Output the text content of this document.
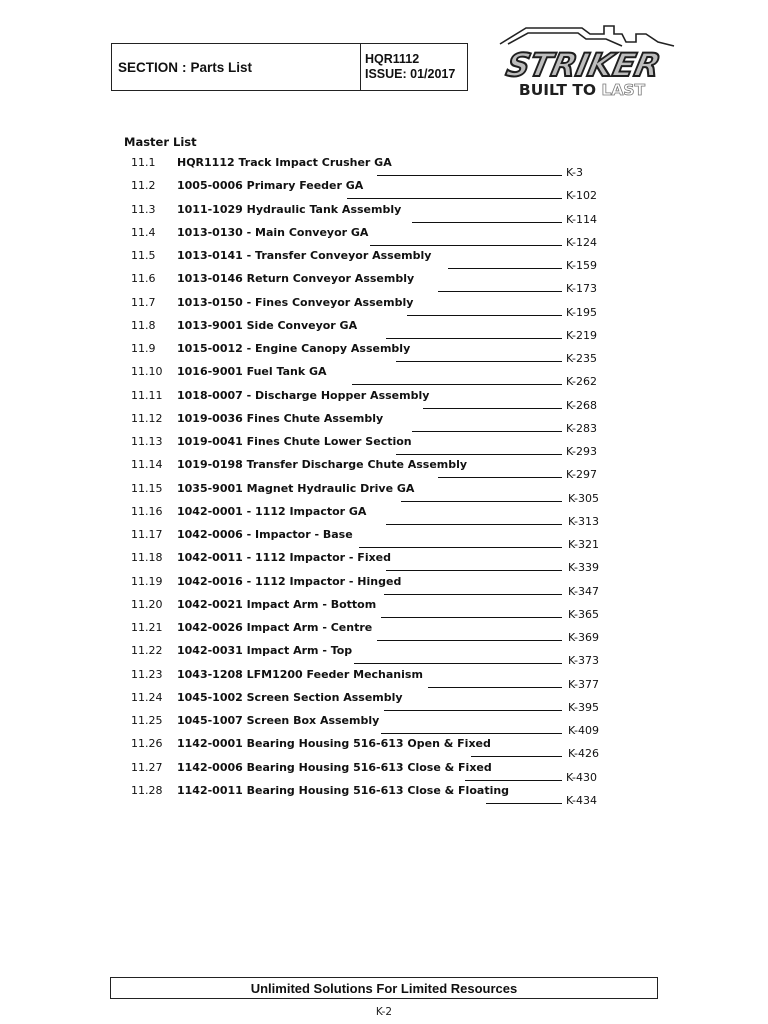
SECTION : Parts List
HQR1112
ISSUE: 01/2017 STRIKER
BUILT TO LAST
Master List
11.1 HQR1112 Track Impact Crusher GA
K-3
11.2 1005-0006 Primary Feeder GA
K-102
11.3 1011-1029 Hydraulic Tank Assembly
K-114
11.4 1013-0130 - Main Conveyor GA
K-124
11.5 1013-0141 - Transfer Conveyor Assembly
K-159
11.6 1013-0146 Return Conveyor Assembly
K-173
11.7 1013-0150 - Fines Conveyor Assembly
K-195
11.8 1013-9001 Side Conveyor GA
K-219
11.9 1015-0012 - Engine Canopy Assembly
K-235
11.10 1016-9001 Fuel Tank GA
K-262
11.11 1018-0007 - Discharge Hopper Assembly
K-268
11.12 1019-0036 Fines Chute Assembly
K-283
11.13 1019-0041 Fines Chute Lower Section
K-293
11.14 1019-0198 Transfer Discharge Chute Assembly
K-297
11.15 1035-9001 Magnet Hydraulic Drive GA
K-305
11.16 1042-0001 - 1112 Impactor GA
K-313
11.17 1042-0006 - Impactor - Base
K-321
11.18 1042-0011 - 1112 Impactor - Fixed
K-339
11.19 1042-0016 - 1112 Impactor - Hinged
K-347
11.20 1042-0021 Impact Arm - Bottom
K-365
11.21 1042-0026 Impact Arm - Centre
K-369
11.22 1042-0031 Impact Arm - Top
K-373
11.23 1043-1208 LFM1200 Feeder Mechanism
K-377
11.24 1045-1002 Screen Section Assembly
K-395
11.25 1045-1007 Screen Box Assembly
K-409
11.26 1142-0001 Bearing Housing 516-613 Open & Fixed
K-426
11.27 1142-0006 Bearing Housing 516-613 Close & Fixed
K-430
11.28 1142-0011 Bearing Housing 516-613 Close & Floating
K-434
Unlimited Solutions For Limited Resources
K-2
